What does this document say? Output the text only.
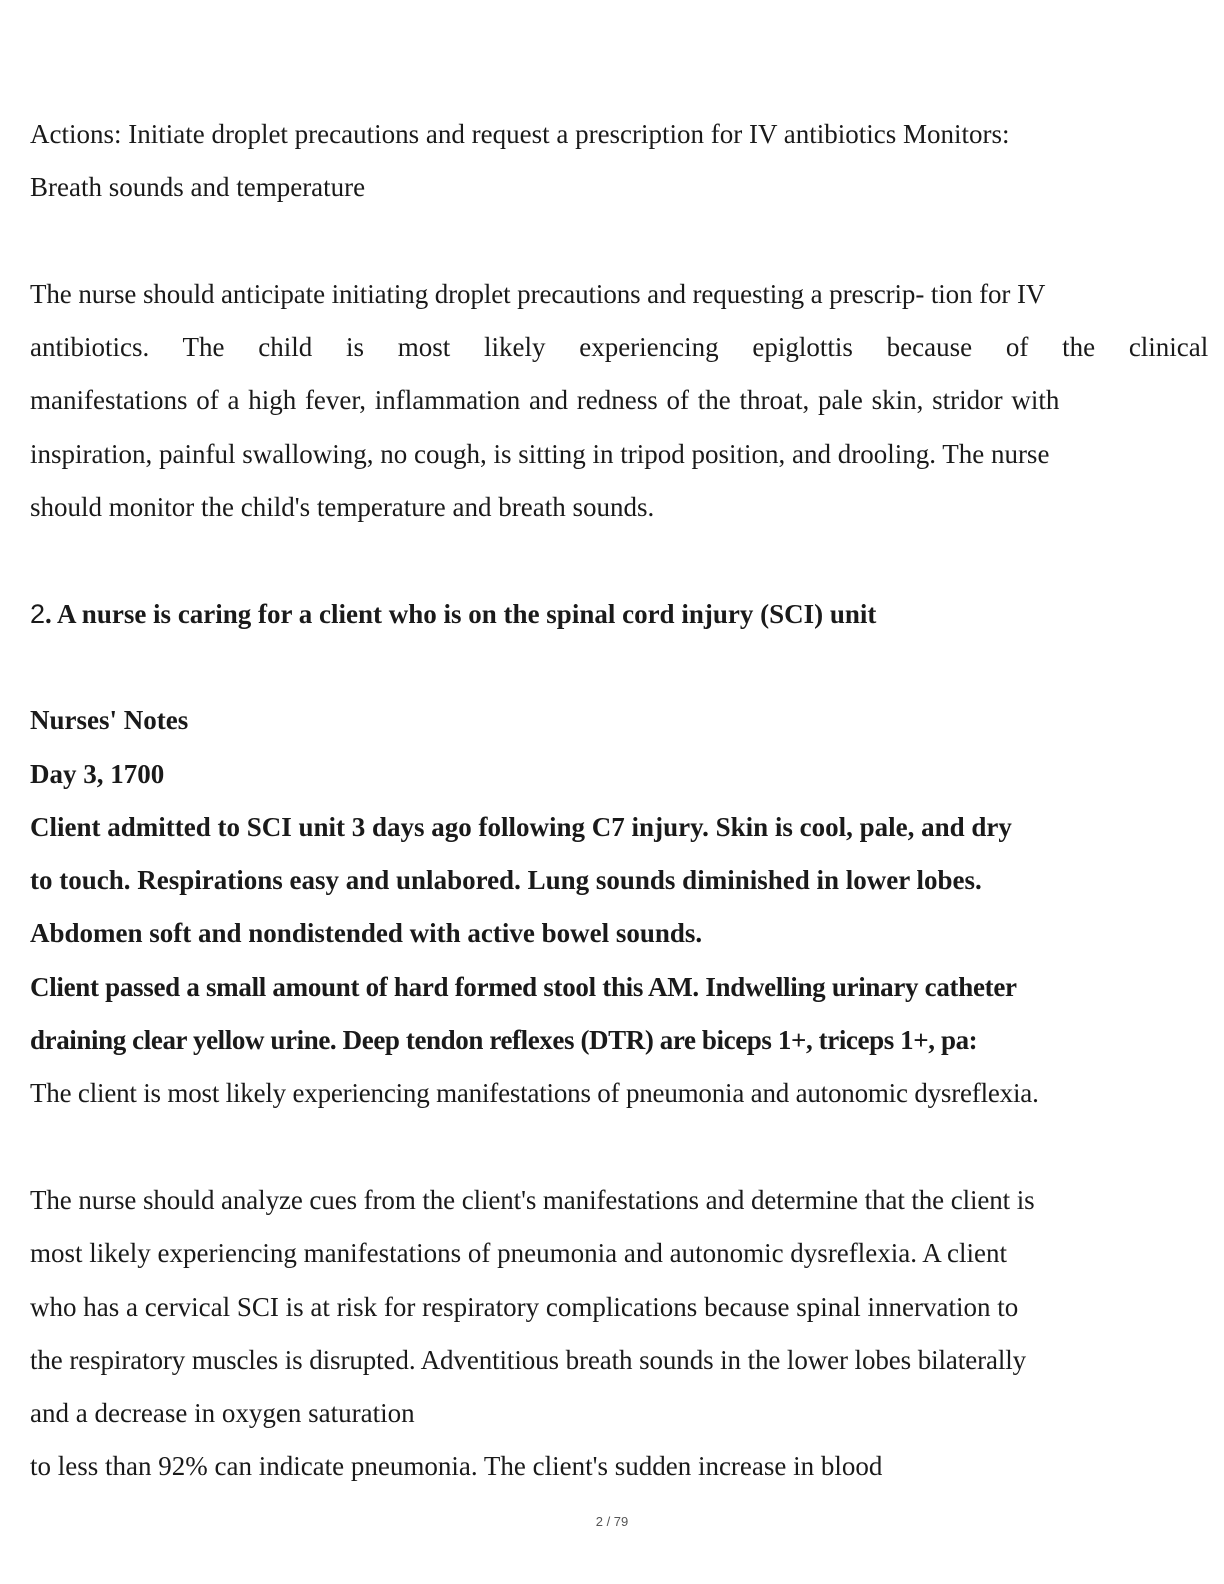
Actions: Initiate droplet precautions and request a prescription for IV antibiotics Monitors:

Breath sounds and temperature

The nurse should anticipate initiating droplet precautions and requesting a prescrip- tion for IV

antibiotics. The child is most likely experiencing epiglottis because of the clinical

manifestations of a high fever, inflammation and redness of the throat, pale skin, stridor with

inspiration, painful swallowing, no cough, is sitting in tripod position, and drooling. The nurse

should monitor the child's temperature and breath sounds.

2. A nurse is caring for a client who is on the spinal cord injury (SCI) unit

Nurses' Notes

Day 3, 1700

Client admitted to SCI unit 3 days ago following C7 injury. Skin is cool, pale, and dry

to touch. Respirations easy and unlabored. Lung sounds diminished in lower lobes.

Abdomen soft and nondistended with active bowel sounds.

Client passed a small amount of hard formed stool this AM. Indwelling urinary catheter

draining clear yellow urine. Deep tendon reflexes (DTR) are biceps 1+, triceps 1+, pa:

The client is most likely experiencing manifestations of pneumonia and autonomic dysreflexia.

The nurse should analyze cues from the client's manifestations and determine that the client is

most likely experiencing manifestations of pneumonia and autonomic dysreflexia. A client

who has a cervical SCI is at risk for respiratory complications because spinal innervation to

the respiratory muscles is disrupted. Adventitious breath sounds in the lower lobes bilaterally

and a decrease in oxygen saturation

to less than 92% can indicate pneumonia. The client's sudden increase in blood

2 / 79
